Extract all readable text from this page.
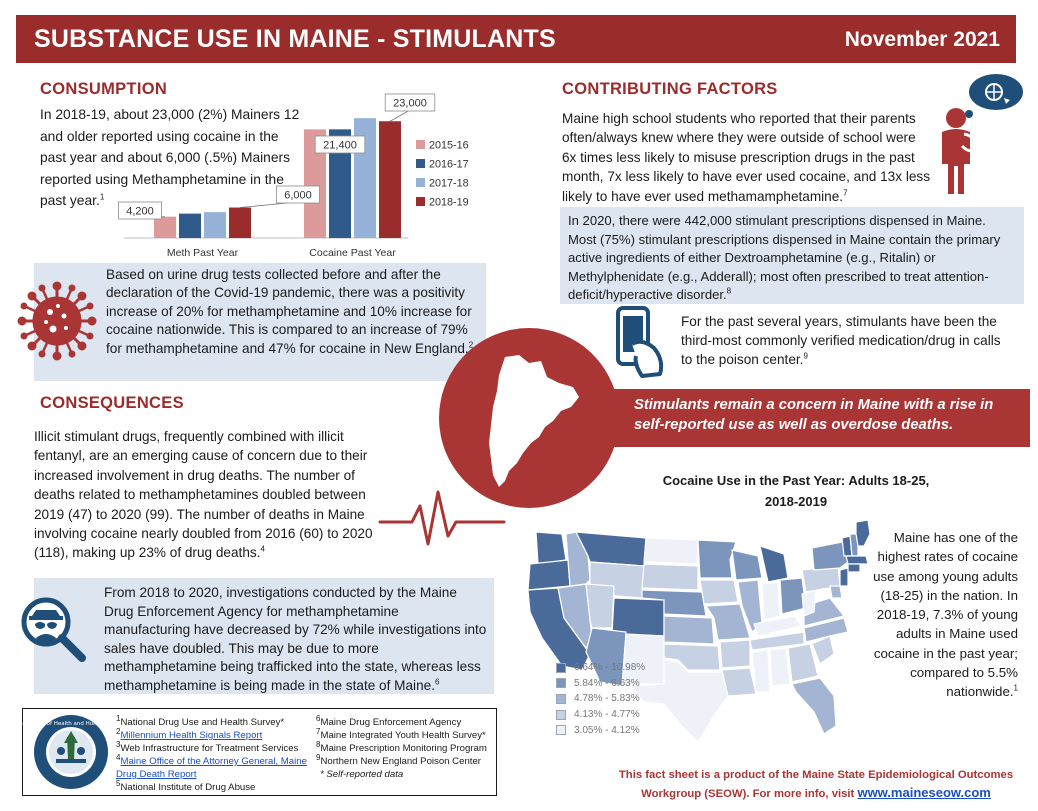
SUBSTANCE USE IN MAINE - STIMULANTS	November 2021
CONSUMPTION
In 2018-19, about 23,000 (2%) Mainers 12 and older reported using cocaine in the past year and about 6,000 (.5%) Mainers reported using Methamphetamine in the past year.$^1$
Meth Past Year	Cocaine Past Year
4,200
6,000
21,400
23,000
2015-16
2016-17
2017-18
2018-19
Based on urine drug tests collected before and after the declaration of the Covid-19 pandemic, there was a positivity increase of 20% for methamphetamine and 10% increase for cocaine nationwide. This is compared to an increase of 79% for methamphetamine and 47% for cocaine in New England.$^2$
CONSEQUENCES
Illicit stimulant drugs, frequently combined with illicit fentanyl, are an emerging cause of concern due to their increased involvement in drug deaths. The number of deaths related to methamphetamines doubled between 2019 (47) to 2020 (99). The number of deaths in Maine involving cocaine nearly doubled from 2016 (60) to 2020 (118), making up 23% of drug deaths.$^4$
From 2018 to 2020, investigations conducted by the Maine Drug Enforcement Agency for methamphetamine manufacturing have decreased by 72% while investigations into sales have doubled. This may be due to more methamphetamine being trafficked into the state, whereas less methamphetamine is being made in the state of Maine.$^6$
CONTRIBUTING FACTORS
Maine high school students who reported that their parents often/always knew where they were outside of school were 6x times less likely to misuse prescription drugs in the past month, 7x less likely to have ever used cocaine, and 13x less likely to have ever used methamamphetamine.$^7$
In 2020, there were 442,000 stimulant prescriptions dispensed in Maine. Most (75%) stimulant prescriptions dispensed in Maine contain the primary active ingredients of either Dextroamphetamine (e.g., Ritalin) or Methylphenidate (e.g., Adderall); most often prescribed to treat attention-deficit/hyperactive disorder.$^8$
For the past several years, stimulants have been the third-most commonly verified medication/drug in calls to the poison center.$^9$
Stimulants remain a concern in Maine with a rise in self-reported use as well as overdose deaths.
Cocaine Use in the Past Year: Adults 18-25,
2018-2019
6.64% - 10.98%
5.84% - 6.63%
4.78% - 5.83%
4.13% - 4.77%
3.05% - 4.12%
Maine has one of the highest rates of cocaine use among young adults (18-25) in the nation. In 2018-19, 7.3% of young adults in Maine used cocaine in the past year; compared to 5.5% nationwide.$^1$
Department of Health and Human Services
$^1$National Drug Use and Health Survey*
$^2$Millennium Health Signals Report
$^3$Web Infrastructure for Treatment Services
$^4$Maine Office of the Attorney General, Maine Drug Death Report
$^5$National Institute of Drug Abuse
$^6$Maine Drug Enforcement Agency
$^7$Maine Integrated Youth Health Survey*
$^8$Maine Prescription Monitoring Program
$^9$Northern New England Poison Center
* Self-reported data	This fact sheet is a product of the Maine State Epidemiological Outcomes
Workgroup (SEOW). For more info, visit www.maineseow.com
